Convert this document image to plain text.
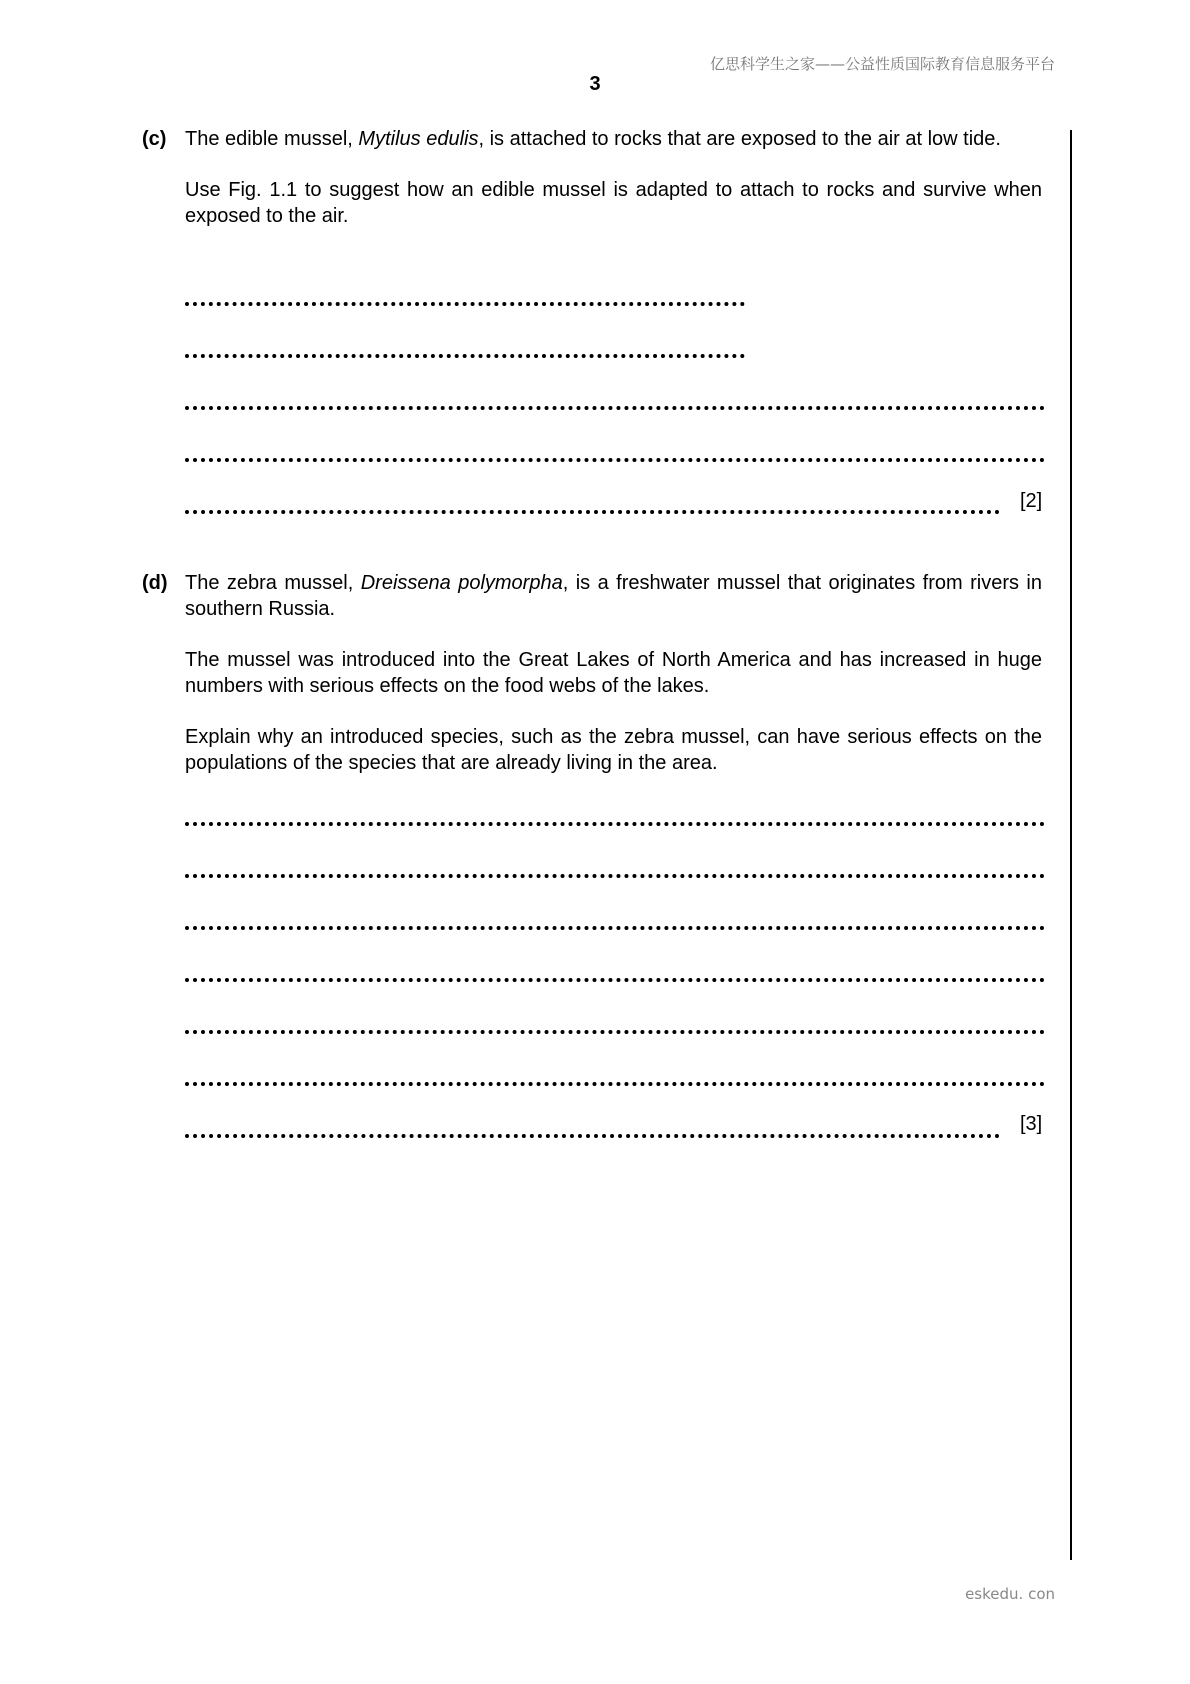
亿思科学生之家——公益性质国际教育信息服务平台
3
(c) The edible mussel, Mytilus edulis, is attached to rocks that are exposed to the air at low tide.

Use Fig. 1.1 to suggest how an edible mussel is adapted to attach to rocks and survive when exposed to the air.

[2]
(d) The zebra mussel, Dreissena polymorpha, is a freshwater mussel that originates from rivers in southern Russia.

The mussel was introduced into the Great Lakes of North America and has increased in huge numbers with serious effects on the food webs of the lakes.

Explain why an introduced species, such as the zebra mussel, can have serious effects on the populations of the species that are already living in the area.

[3]
eskedu. con
